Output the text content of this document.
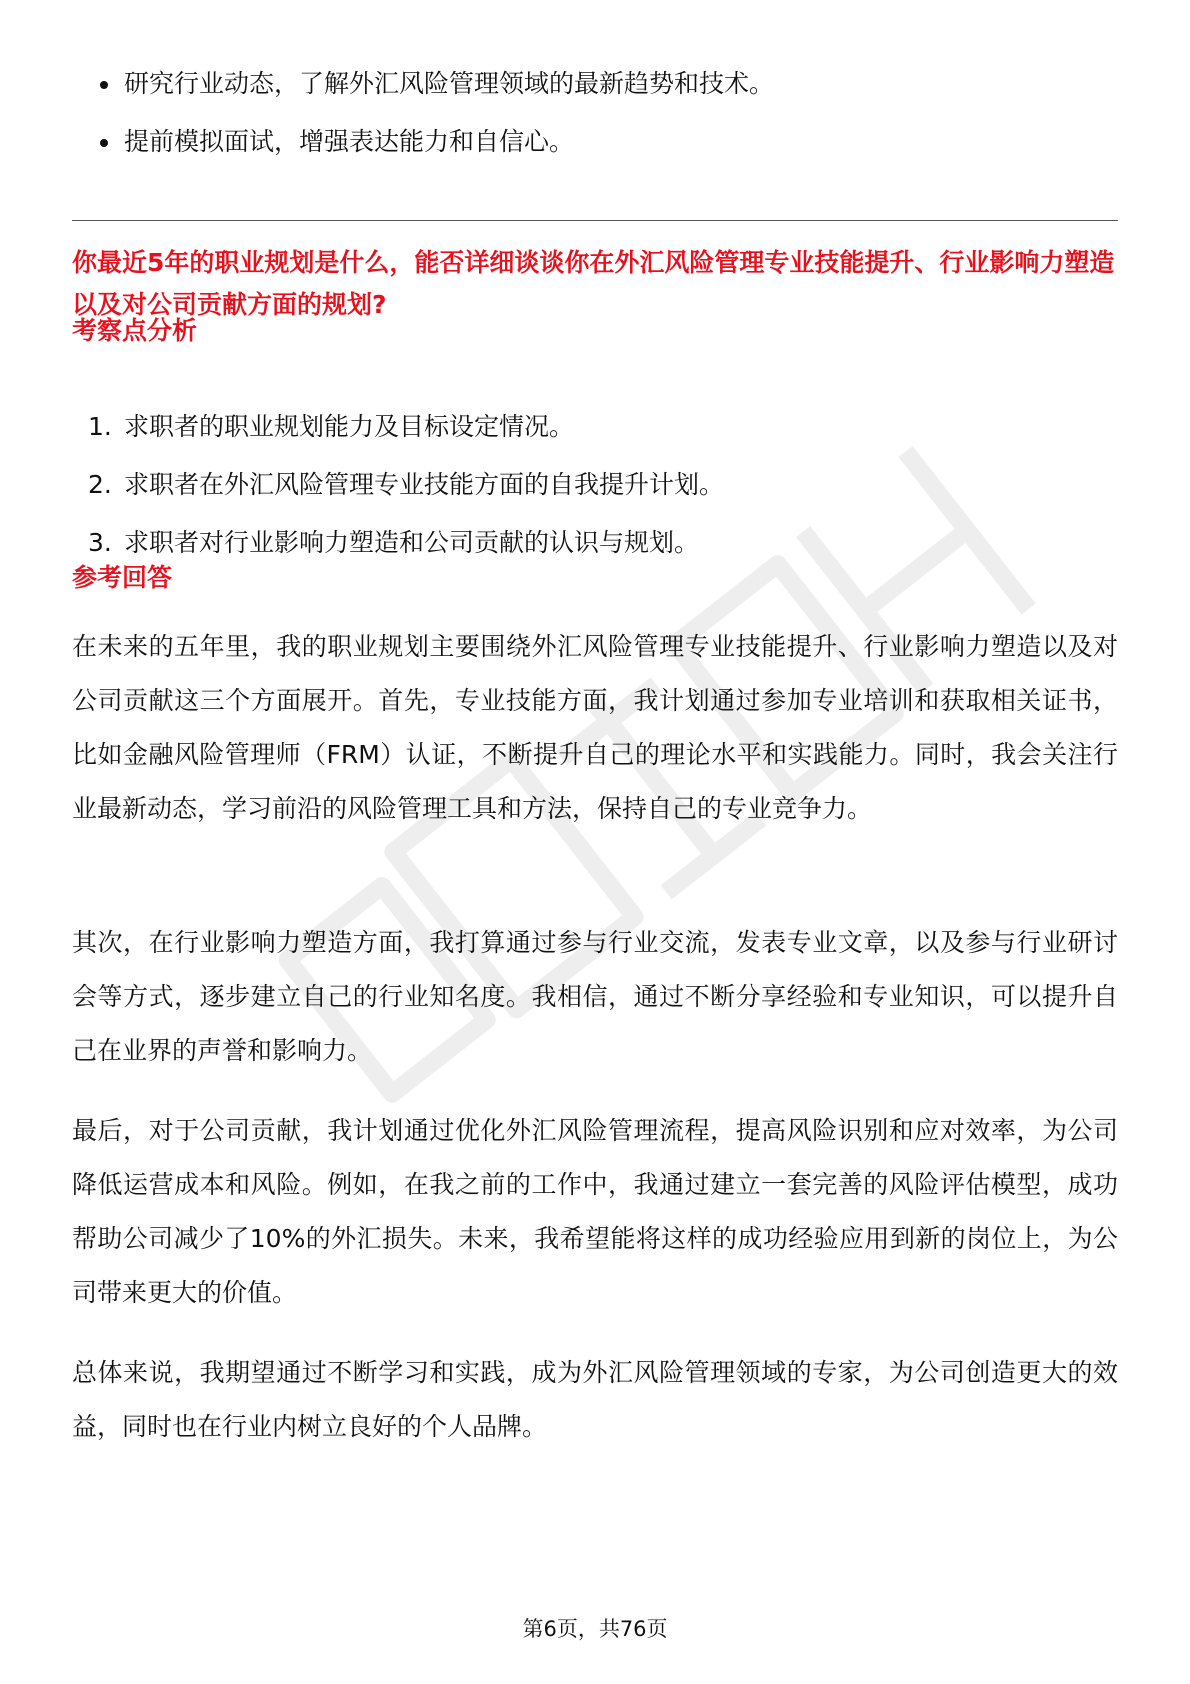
研究行业动态，了解外汇风险管理领域的最新趋势和技术。
提前模拟面试，增强表达能力和自信心。
你最近5年的职业规划是什么，能否详细谈谈你在外汇风险管理专业技能提升、行业影响力塑造以及对公司贡献方面的规划?
考察点分析
1. 求职者的职业规划能力及目标设定情况。
2. 求职者在外汇风险管理专业技能方面的自我提升计划。
3. 求职者对行业影响力塑造和公司贡献的认识与规划。
参考回答

在未来的五年里，我的职业规划主要围绕外汇风险管理专业技能提升、行业影响力塑造以及对公司贡献这三个方面展开。首先，专业技能方面，我计划通过参加专业培训和获取相关证书，比如金融风险管理师（FRM）认证，不断提升自己的理论水平和实践能力。同时，我会关注行业最新动态，学习前沿的风险管理工具和方法，保持自己的专业竞争力。

其次，在行业影响力塑造方面，我打算通过参与行业交流，发表专业文章，以及参与行业研讨会等方式，逐步建立自己的行业知名度。我相信，通过不断分享经验和专业知识，可以提升自己在业界的声誉和影响力。

最后，对于公司贡献，我计划通过优化外汇风险管理流程，提高风险识别和应对效率，为公司降低运营成本和风险。例如，在我之前的工作中，我通过建立一套完善的风险评估模型，成功帮助公司减少了10%的外汇损失。未来，我希望能将这样的成功经验应用到新的岗位上，为公司带来更大的价值。

总体来说，我期望通过不断学习和实践，成为外汇风险管理领域的专家，为公司创造更大的效益，同时也在行业内树立良好的个人品牌。

第6页，共76页
